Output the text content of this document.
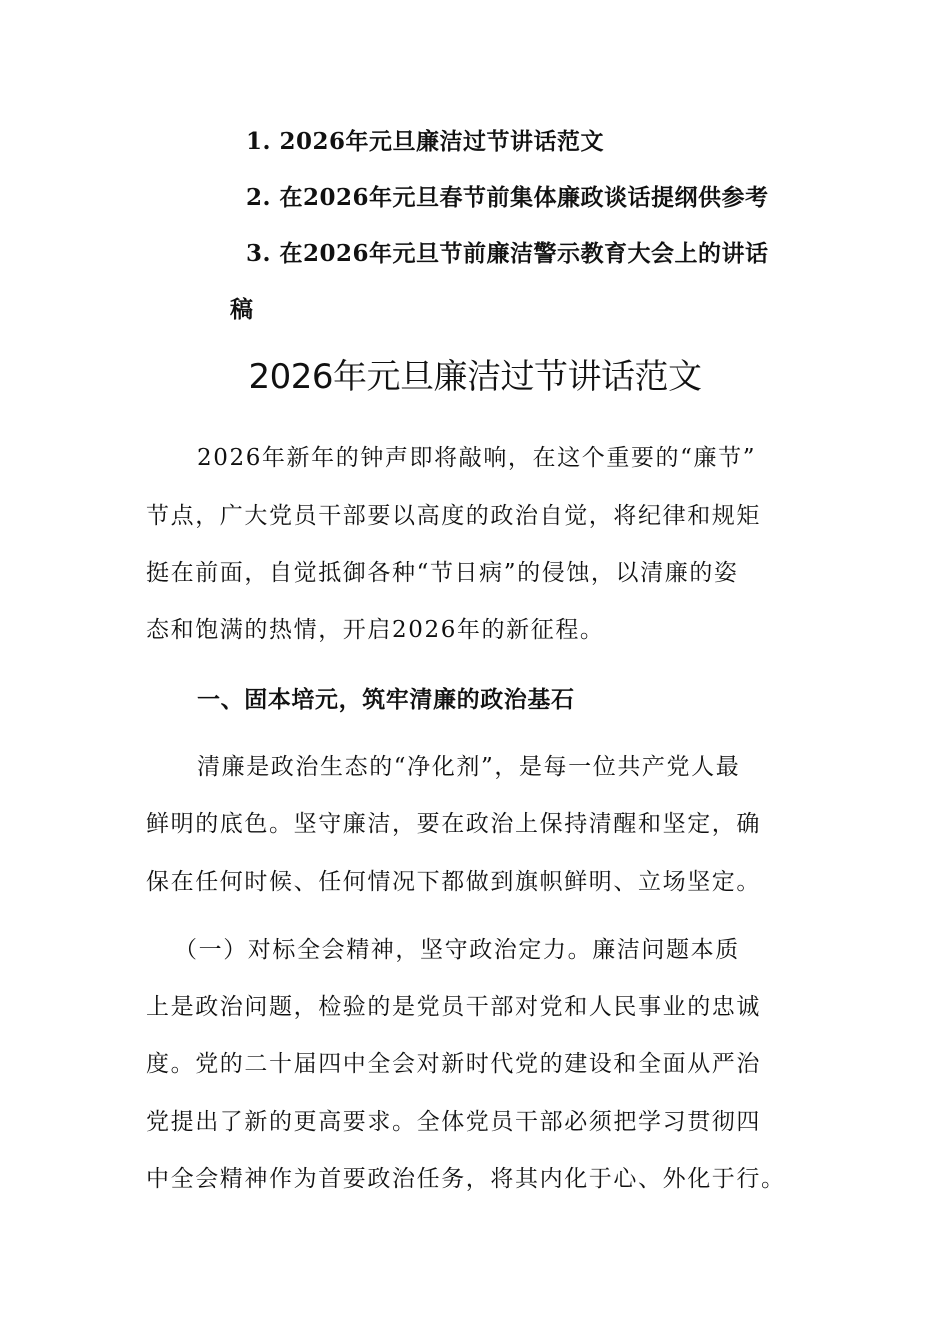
1. 2026年元旦廉洁过节讲话范文
2. 在2026年元旦春节前集体廉政谈话提纲供参考
3. 在2026年元旦节前廉洁警示教育大会上的讲话
稿
2026年元旦廉洁过节讲话范文
2026年新年的钟声即将敲响，在这个重要的“廉节”
节点，广大党员干部要以高度的政治自觉，将纪律和规矩
挺在前面，自觉抵御各种“节日病”的侵蚀，以清廉的姿
态和饱满的热情，开启2026年的新征程。
一、固本培元，筑牢清廉的政治基石
清廉是政治生态的“净化剂”，是每一位共产党人最
鲜明的底色。坚守廉洁，要在政治上保持清醒和坚定，确
保在任何时候、任何情况下都做到旗帜鲜明、立场坚定。
（一）对标全会精神，坚守政治定力。廉洁问题本质
上是政治问题，检验的是党员干部对党和人民事业的忠诚
度。党的二十届四中全会对新时代党的建设和全面从严治
党提出了新的更高要求。全体党员干部必须把学习贯彻四
中全会精神作为首要政治任务，将其内化于心、外化于行。
